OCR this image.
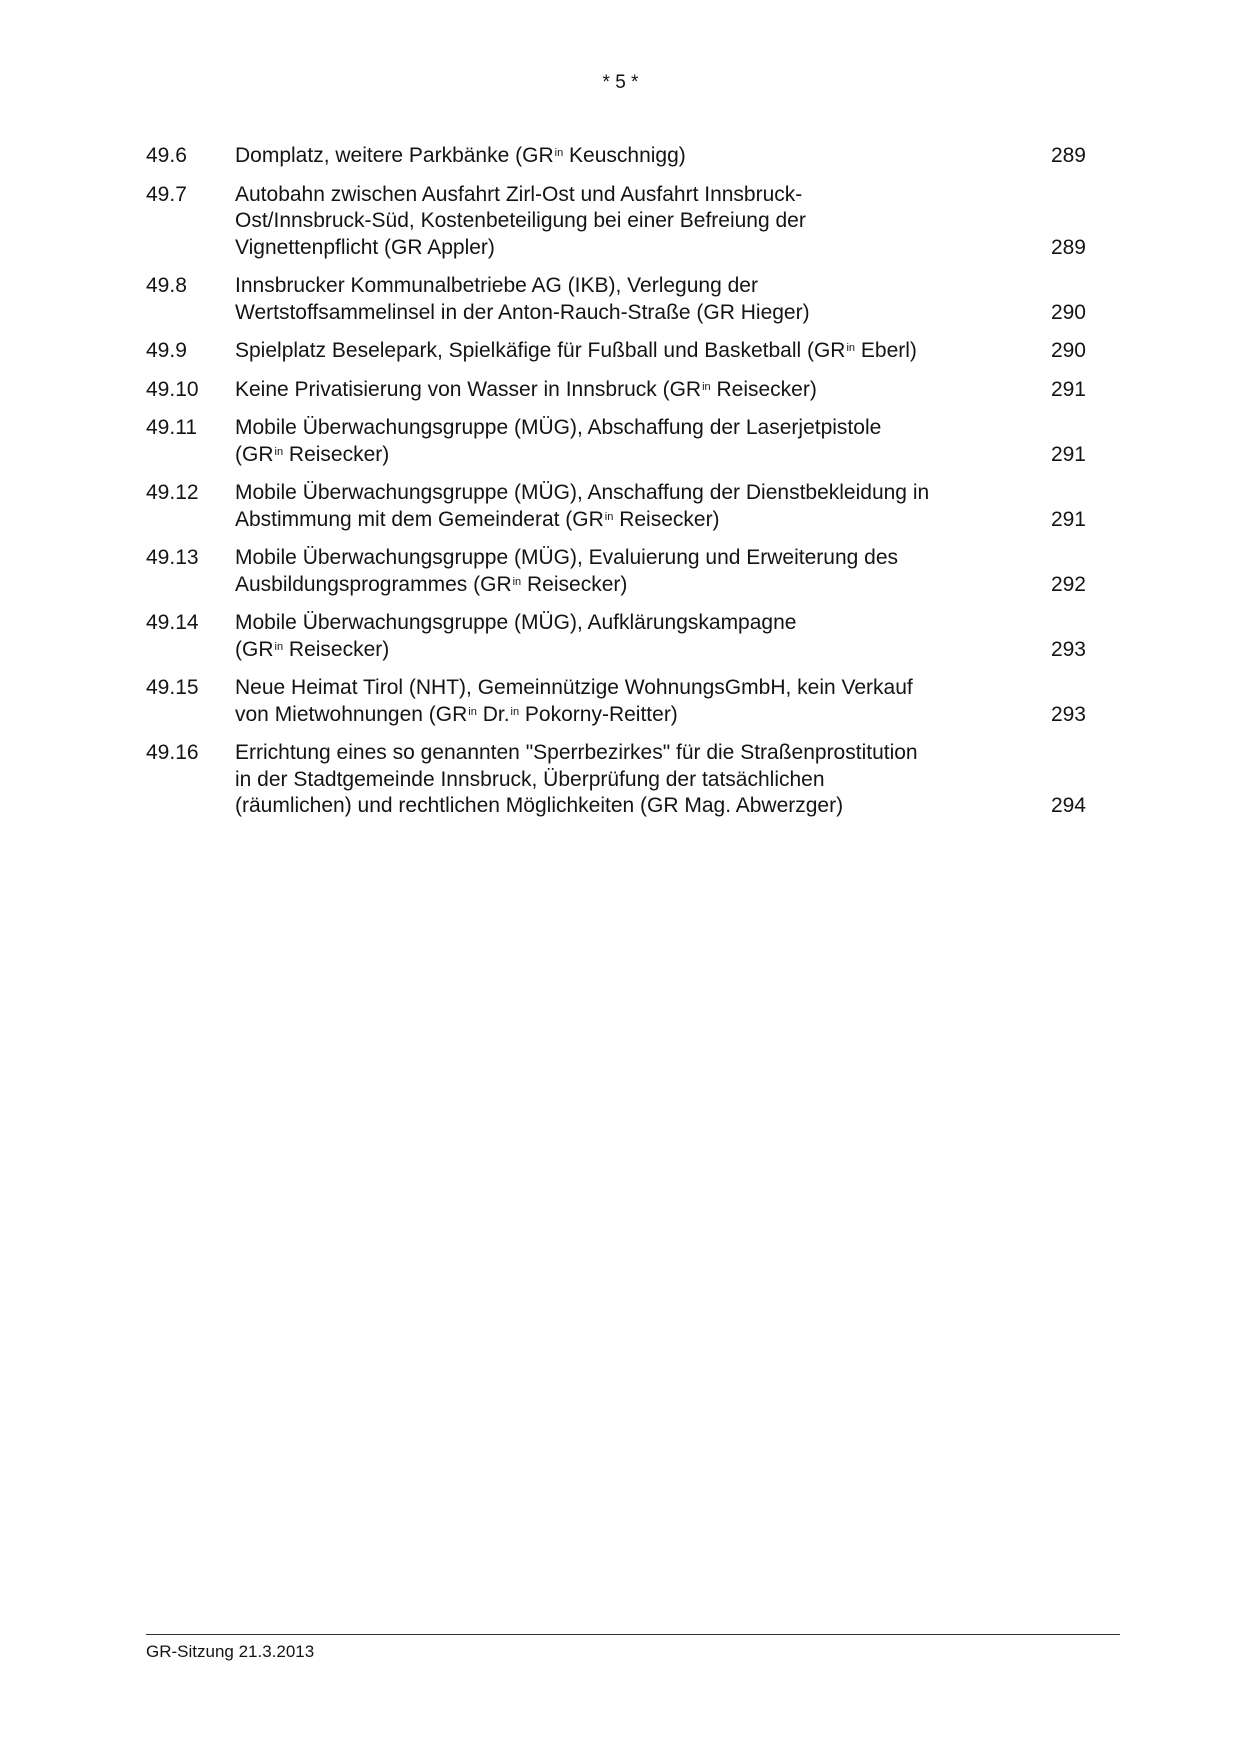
* 5 *
49.6	Domplatz, weitere Parkbänke ($GR^{in}$ Keuschnigg)	289
49.7	Autobahn zwischen Ausfahrt Zirl-Ost und Ausfahrt Innsbruck-
Ost/Innsbruck-Süd, Kostenbeteiligung bei einer Befreiung der
Vignettenpflicht (GR Appler)	289
49.8	Innsbrucker Kommunalbetriebe AG (IKB), Verlegung der
Wertstoffsammelinsel in der Anton-Rauch-Straße (GR Hieger)	290
49.9	Spielplatz Beselepark, Spielkäfige für Fußball und Basketball ($GR^{in}$ Eberl)	290
49.10	Keine Privatisierung von Wasser in Innsbruck ($GR^{in}$ Reisecker)	291
49.11	Mobile Überwachungsgruppe (MÜG), Abschaffung der Laserjetpistole
($GR^{in}$ Reisecker)	291
49.12	Mobile Überwachungsgruppe (MÜG), Anschaffung der Dienstbekleidung in
Abstimmung mit dem Gemeinderat ($GR^{in}$ Reisecker)	291
49.13	Mobile Überwachungsgruppe (MÜG), Evaluierung und Erweiterung des
Ausbildungsprogrammes ($GR^{in}$ Reisecker)	292
49.14	Mobile Überwachungsgruppe (MÜG), Aufklärungskampagne
($GR^{in}$ Reisecker)	293
49.15	Neue Heimat Tirol (NHT), Gemeinnützige WohnungsGmbH, kein Verkauf
von Mietwohnungen ($GR^{in}$ Dr.$^{in}$ Pokorny-Reitter)	293
49.16	Errichtung eines so genannten "Sperrbezirkes" für die Straßenprostitution
in der Stadtgemeinde Innsbruck, Überprüfung der tatsächlichen
(räumlichen) und rechtlichen Möglichkeiten (GR Mag. Abwerzger)	294
GR-Sitzung 21.3.2013
